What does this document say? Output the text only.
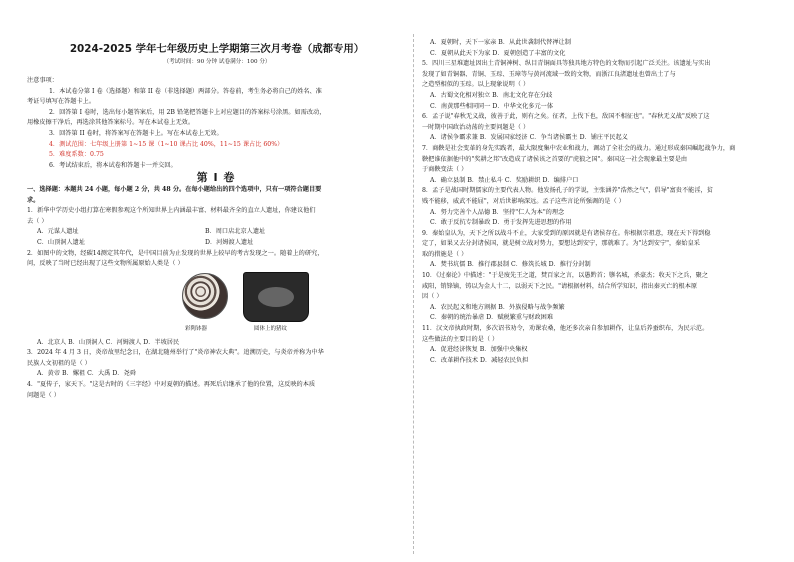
2024-2025 学年七年级历史上学期第三次月考卷（成都专用）
（考试时间：90 分钟 试卷满分：100 分）
注意事项：
1．本试卷分第 I 卷（选择题）和第 II 卷（非选择题）两部分。答卷前，考生务必将自己的姓名、准
考证号填写在答题卡上。
2．回答第 I 卷时，选出每小题答案后，用 2B 铅笔把答题卡上对应题目的答案标号涂黑。如需改动，
用橡皮擦干净后，再选涂其他答案标号。写在本试卷上无效。
3．回答第 II 卷时，将答案写在答题卡上。写在本试卷上无效。
4．测试范围：七年级上册第 1~15 课（1~10 课占比 40%，11~15 课占比 60%）
5．难度系数：0.75
6．考试结束后，将本试卷和答题卡一并交回。
第 I 卷
一、选择题：本题共 24 小题，每小题 2 分，共 48 分。在每小题给出的四个选项中，只有一项符合题目要
求。
1．新华中学历史小组打算在寒假参观这个所知世界上内涵最丰富、材料最齐全的直立人遗址，你建议他们
去（ ）
A．元谋人遗址	B．周口店北京人遗址
C．山顶洞人遗址	D．河姆渡人遗址
2．如图中的文物，经碳14测定其年代，是中国目前为止发现的世界上较早的考古发现之一。随着上的研究，
问，反映了当时已经出现了这些文物所属原始人类是（ ）
彩陶钵器	圆体上的猪纹
A．北京人 B．山顶洞人 C．河姆渡人 D．半坡居民
3．2024 年 4 月 3 日，炎帝故里纪念日，在湖北随州举行了"炎帝神农大典"。追溯历史，与炎帝并称为中华
民族人文初祖的是（ ）
A．黄帝 B．嫘祖 C．大禹 D．尧舜
4．"夏传子，家天下。"这是古时的《三字经》中对夏朝的描述。再死后启继承了他的位置，这反映的本质
问题是（ ）
A．夏朝时，天下一家亲 B．从此世袭制代替禅让制
C．夏朝从此天下为家 D．夏朝创造了丰富的文化
5．四川三星堆遗址因出土青铜神树、纵目青铜面具等独具地方特色的文物而引起广泛关注。该遗址与实出
发现了如青铜器、青铜、玉琮、玉璋等与黄河流域一致的文物，而浙江良渚遗址也曾出土了与
之造型相似的玉琮。以上现象说明（ ）
A．古蜀文化相对独立 B．南北文化存在分歧
C．南黄那些相同同一 D．中华文化多元一体
6．孟子说"春秋无义战，彼善于此，则有之矣。征者，上伐下也，敌国不相征也"。"春秋无义战"反映了这
一时期中国政治动荡的主要问题是（ ）
A．诸侯争霸求兼 B．发展国家经济 C．争当诸侯霸主 D．铺庄平民起义
7．商鞅是社会变革的身先实践者，最大限度集中农业和战力，调动了全社会的战力。通过形成秦国崛起战争力，商
鞅把谁依据他中的"奖耕之邦"改造成了诸侯该之首要的"虎狼之国"。秦国这一社会现象最主要是由
于商鞅变法（ ）
A．确立县制 B．禁止私斗 C．奖励耕织 D．编排户口
8．孟子是战国时期儒家的主要代表人物。他发扬孔子的学说，主张涵养"浩然之气"，倡导"富贵不能淫，贫
贱不能移，威武不能屈"，对后世影响深远。孟子这些言论所强调的是（ ）
A．努力完善个人品德 B．坚持"仁人为本"的理念
C．敢于反抗专制暴政 D．勇于发挥先进思想的作用
9．秦始皇认为，天下之所以战斗不止，大家受到的原因就是有诸侯存在。你根据宗祖意，现在天下得到稳
定了，如果又去分封诸侯国，就是树立战对势力，要想达到安宁，那就难了。为"达到安宁"，秦始皇采
取的措施是（ ）
A．焚书坑儒 B．推行郡县制 C．修筑长城 D．推行分封制
10．《过秦论》中描述："于是废先王之道，焚百家之言，以愚黔首；隳名城，杀豪杰；收天下之兵，聚之
咸阳，销锋镝，铸以为金人十二，以弱天下之民。"请根据材料，结合所学知识，指出秦灭亡的根本原
因（ ）
A．农民起义和地方割据 B．外族侵略与战争频繁
C．秦朝的统治暴虐 D．赋税繁重与财政困难
11．汉文帝执政时期，多次诏书劝令，劝课农桑，他还多次亲自参加耕作，让皇后养蚕织布，为民示范。
这些做法的主要目的是（ ）
A．促进经济恢复 B．加强中央集权
C．改革耕作技术 D．减轻农民负担
